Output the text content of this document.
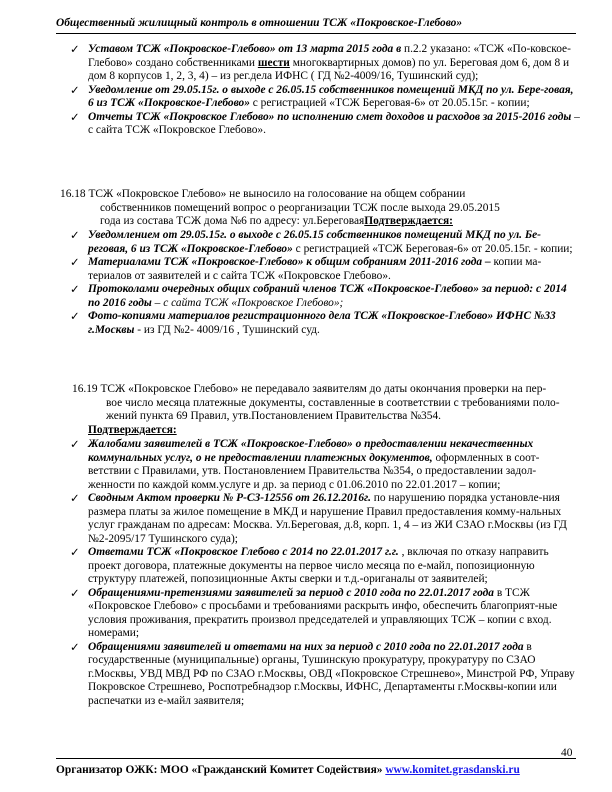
Общественный жилищный контроль в отношении ТСЖ «Покровское-Глебово»
✓ Уставом ТСЖ «Покровское-Глебово» от 13 марта 2015 года в п.2.2 указано: «ТСЖ «По-ковское-Глебово» создано собственниками шести многоквартирных домов) по ул. Береговая дом 6, дом 8 и дом 8 корпусов 1, 2, 3, 4) – из рег.дела ИФНС ( ГД №2-4009/16, Тушинский суд);
✓ Уведомление от 29.05.15г. о выходе с 26.05.15 собственников помещений МКД по ул. Бере-говая, 6 из ТСЖ «Покровское-Глебово» с регистрацией «ТСЖ Береговая-6» от 20.05.15г. - копии;
✓ Отчеты ТСЖ «Покровское Глебово» по исполнению смет доходов и расходов за 2015-2016 годы – с сайта ТСЖ «Покровское Глебово».
16.18 ТСЖ «Покровское Глебово» не выносило на голосование на общем собрании
собственников помещений вопрос о реорганизации ТСЖ после выхода 29.05.2015
года из состава ТСЖ дома №6 по адресу: ул.БереговаяПодтверждается:
✓ Уведомлением от 29.05.15г. о выходе с 26.05.15 собственников помещений МКД по ул. Бе-реговая, 6 из ТСЖ «Покровское-Глебово» с регистрацией «ТСЖ Береговая-6» от 20.05.15г. - копии;
✓ Материалами ТСЖ «Покровское-Глебово» к общим собраниям 2011-2016 года – копии ма-териалов от заявителей и с сайта ТСЖ «Покровское Глебово».
✓ Протоколами очередных общих собраний членов ТСЖ «Покровское-Глебово» за период: с 2014 по 2016 годы – с сайта ТСЖ «Покровское Глебово»;
✓ Фото-копиями материалов регистрационного дела ТСЖ «Покровское-Глебово» ИФНС №33 г.Москвы - из ГД №2- 4009/16 , Тушинский суд.
16.19 ТСЖ «Покровское Глебово» не передавало заявителям до даты окончания проверки на пер-
вое число месяца платежные документы, составленные в соответствии с требованиями поло-
жений пункта 69 Правил, утв.Постановлением Правительства №354.
Подтверждается:
✓ Жалобами заявителей в ТСЖ «Покровское-Глебово» о предоставлении некачественных коммунальных услуг, о не предоставлении платежных документов, оформленных в соот-ветствии с Правилами, утв. Постановлением Правительства №354, о предоставлении задол-женности по каждой комм.услуге и др. за период с 01.06.2010 по 22.01.2017 – копии;
✓ Сводным Актом проверки № Р-СЗ-12556 от 26.12.2016г. по нарушению порядка установле-ния размера платы за жилое помещение в МКД и нарушение Правил предоставления комму-нальных услуг гражданам по адресам: Москва. Ул.Береговая, д.8, корп. 1, 4 – из ЖИ СЗАО г.Москвы (из ГД №2-2095/17 Тушинского суда);
✓ Ответами ТСЖ «Покровское Глебово с 2014 по 22.01.2017 г.г. , включая по отказу направить проект договора, платежные документы на первое число месяца по е-майл, попозиционную структуру платежей, попозиционные Акты сверки и т.д.-ориганалы от заявителей;
✓ Обращениями-претензиями заявителей за период с 2010 года по 22.01.2017 года в ТСЖ «Покровское Глебово» с просьбами и требованиями раскрыть инфо, обеспечить благоприят-ные условия проживания, прекратить произвол председателей и управляющих ТСЖ – копии с вход. номерами;
✓ Обращениями заявителей и ответами на них за период с 2010 года по 22.01.2017 года в государственные (муниципальные) органы, Тушинскую прокуратуру, прокуратуру по СЗАО г.Москвы, УВД МВД РФ по СЗАО г.Москвы, ОВД «Покровское Стрешнево», Минстрой РФ, Управу Покровское Стрешнево, Роспотребнадзор г.Москвы, ИФНС, Департаменты г.Москвы-копии или распечатки из е-майл заявителя;
40
Организатор ОЖК: МОО «Гражданский Комитет Содействия» www.komitet.grasdanski.ru
